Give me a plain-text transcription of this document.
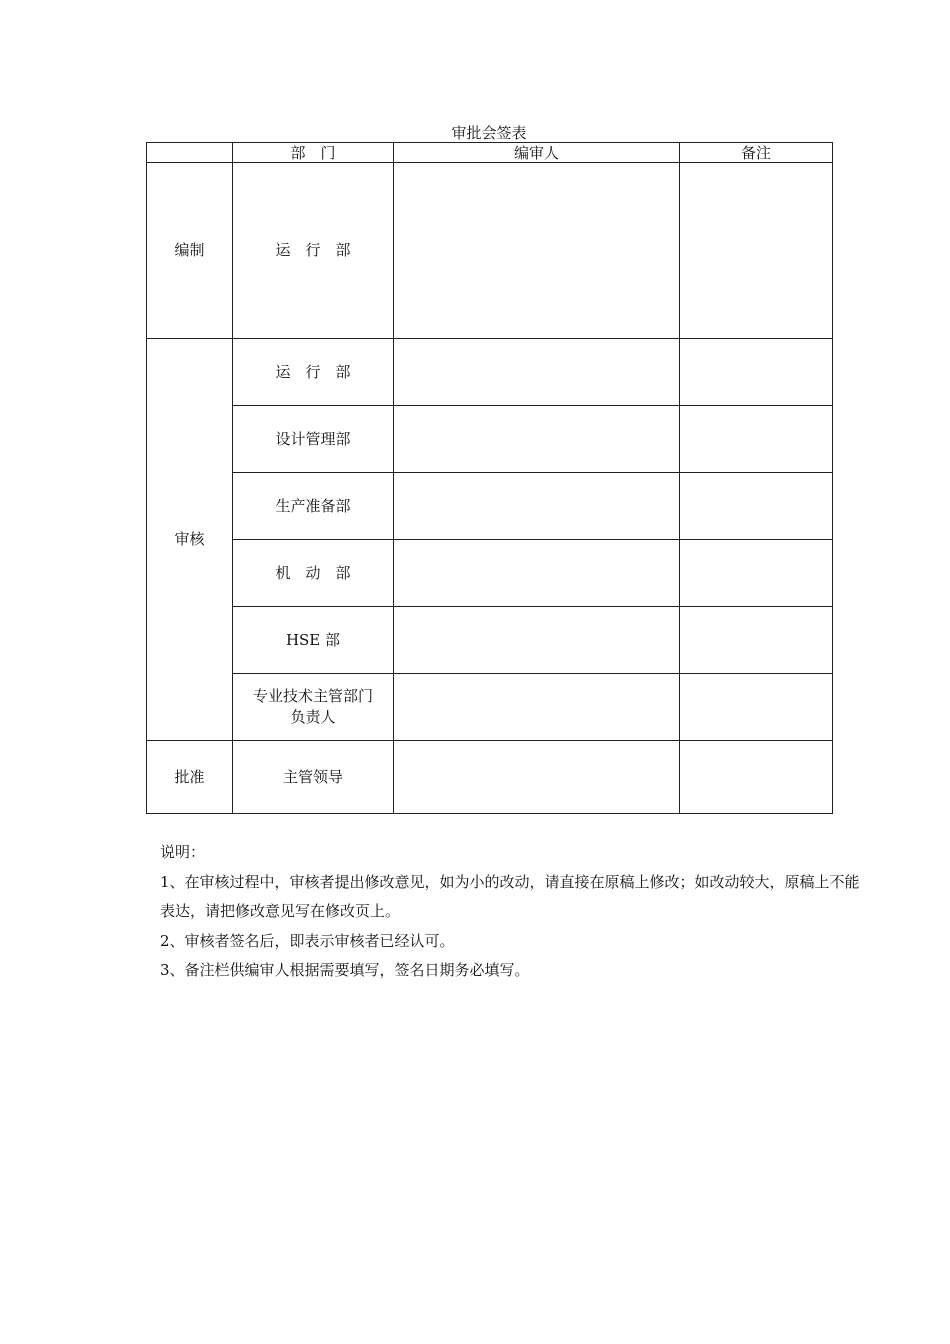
审批会签表
	部　门	编审人	备注
编制	运　行　部		
审核	运　行　部		
	设计管理部		
	生产准备部		
	机　动　部		
	HSE 部		

	专业技术主管部门
负责人		

批准	主管领导		

说明：

1、在审核过程中，审核者提出修改意见，如为小的改动，请直接在原稿上修改；如改动较大，原稿上不能表达，请把修改意见写在修改页上。

2、审核者签名后，即表示审核者已经认可。

3、备注栏供编审人根据需要填写，签名日期务必填写。
